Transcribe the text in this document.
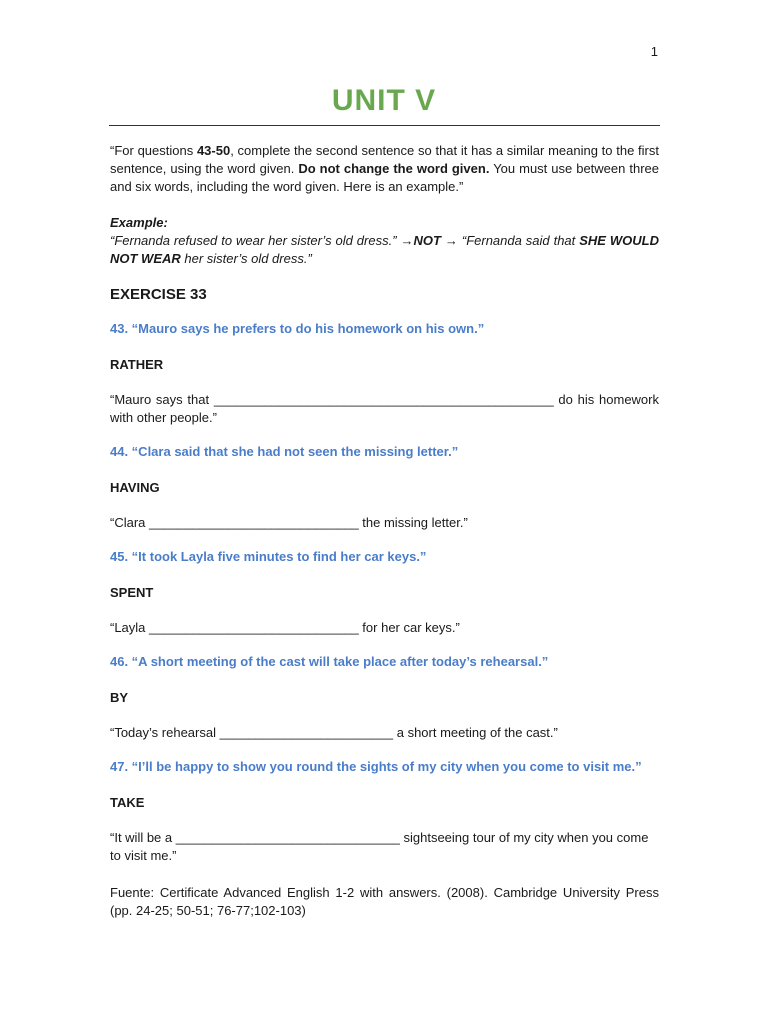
1
UNIT V

“For questions 43-50, complete the second sentence so that it has a similar meaning to the first sentence, using the word given. Do not change the word given. You must use between three and six words, including the word given. Here is an example.”

Example:

“Fernanda refused to wear her sister’s old dress.” →NOT → “Fernanda said that SHE WOULD NOT WEAR her sister’s old dress.”

EXERCISE 33

43. “Mauro says he prefers to do his homework on his own.”

RATHER

“Mauro says that _______________________________________________ do his homework with other people.”

44. “Clara said that she had not seen the missing letter.”

HAVING

“Clara _____________________________ the missing letter.”

45. “It took Layla five minutes to find her car keys.”

SPENT

“Layla _____________________________ for her car keys.”

46. “A short meeting of the cast will take place after today’s rehearsal.”

BY

“Today’s rehearsal ________________________ a short meeting of the cast.”

47. “I’ll be happy to show you round the sights of my city when you come to visit me.”

TAKE

“It will be a _______________________________ sightseeing tour of my city when you come to visit me.”

Fuente: Certificate Advanced English 1-2 with answers. (2008). Cambridge University Press (pp. 24-25; 50-51; 76-77;102-103)
